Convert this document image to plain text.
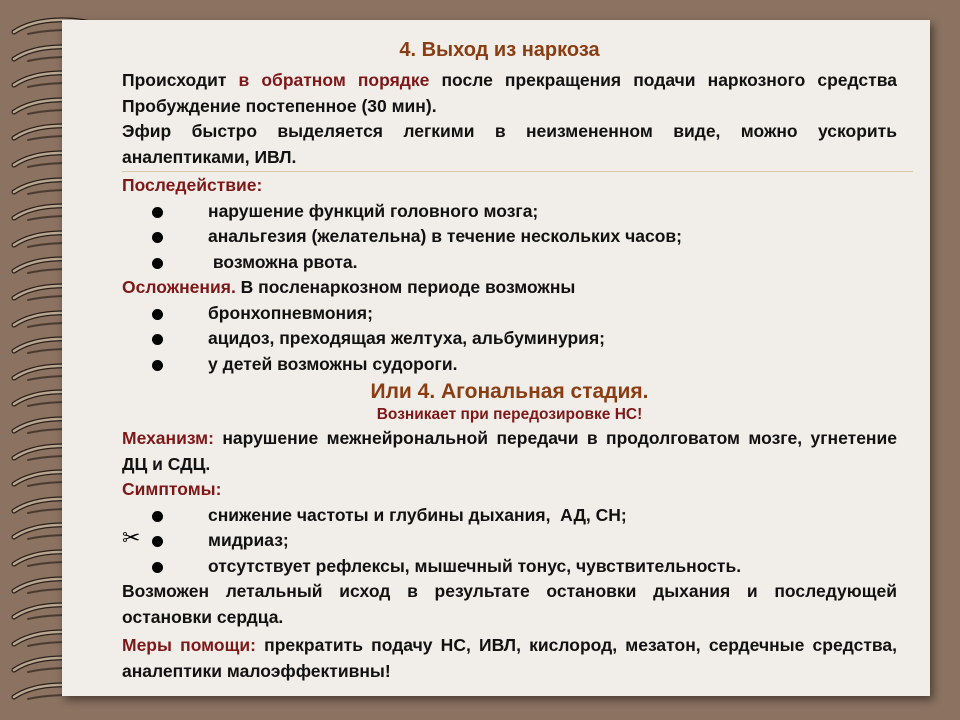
4. Выход из наркоза
Происходит в обратном порядке после прекращения подачи наркозного средства Пробуждение постепенное (30 мин).
Эфир быстро выделяется легкими в неизмененном виде, можно ускорить аналептиками, ИВЛ.
Последействие:
нарушение функций головного мозга;
анальгезия (желательна) в течение нескольких часов;
возможна рвота.
Осложнения. В посленаркозном периоде возможны
бронхопневмония;
ацидоз, преходящая желтуха, альбуминурия;
у детей возможны судороги.
Или 4. Агональная стадия.
Возникает при передозировке НС!
Механизм: нарушение межнейрональной передачи в продолговатом мозге, угнетение ДЦ и СДЦ.
Симптомы:
снижение частоты и глубины дыхания,  АД, СН;
✂	мидриаз;
отсутствует рефлексы, мышечный тонус, чувствительность.
Возможен летальный исход в результате остановки дыхания и последующей остановки сердца.
Меры помощи: прекратить подачу НС, ИВЛ, кислород, мезатон, сердечные средства, аналептики малоэффективны!
